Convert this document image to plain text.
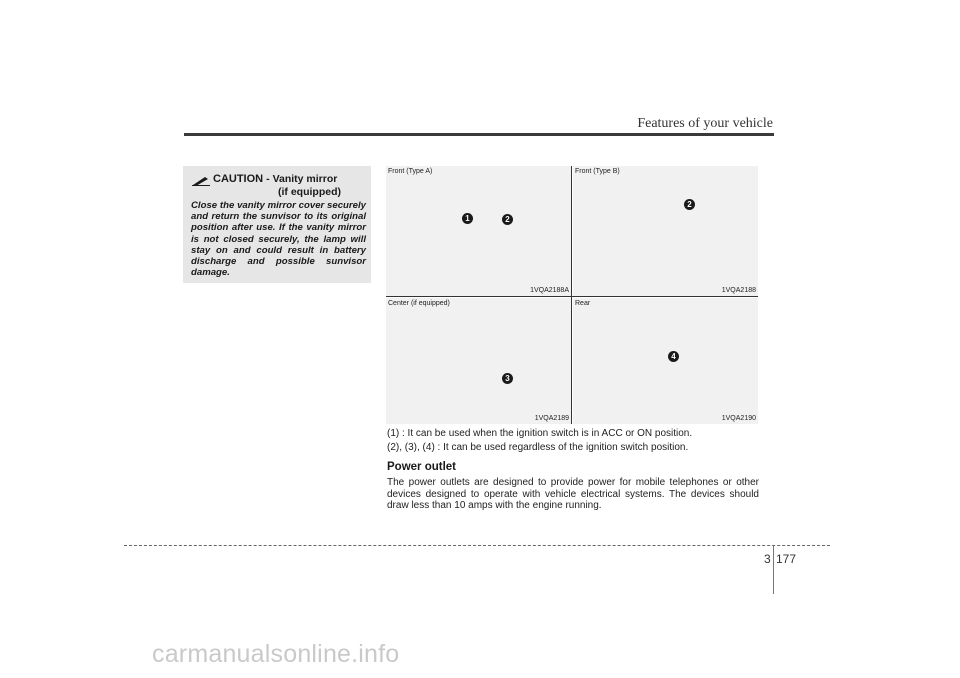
Features of your vehicle
CAUTION - Vanity mirror
(if equipped)
Close the vanity mirror cover securely and return the sunvisor to its original position after use. If the vanity mirror is not closed securely, the lamp will stay on and could result in battery discharge and possible sunvisor damage.
Front (Type A)
1VQA2188A
1	2
Front (Type B)
1VQA2188
2
Center (if equipped)
1VQA2189
3
Rear
1VQA2190
4
(1) : It can be used when the ignition switch is in ACC or ON position.
(2), (3), (4) : It can be used regardless of the ignition switch position.
Power outlet
The power outlets are designed to provide power for mobile telephones or other devices designed to operate with vehicle electrical systems. The devices should draw less than 10 amps with the engine running.
3 177
carmanualsonline.info
